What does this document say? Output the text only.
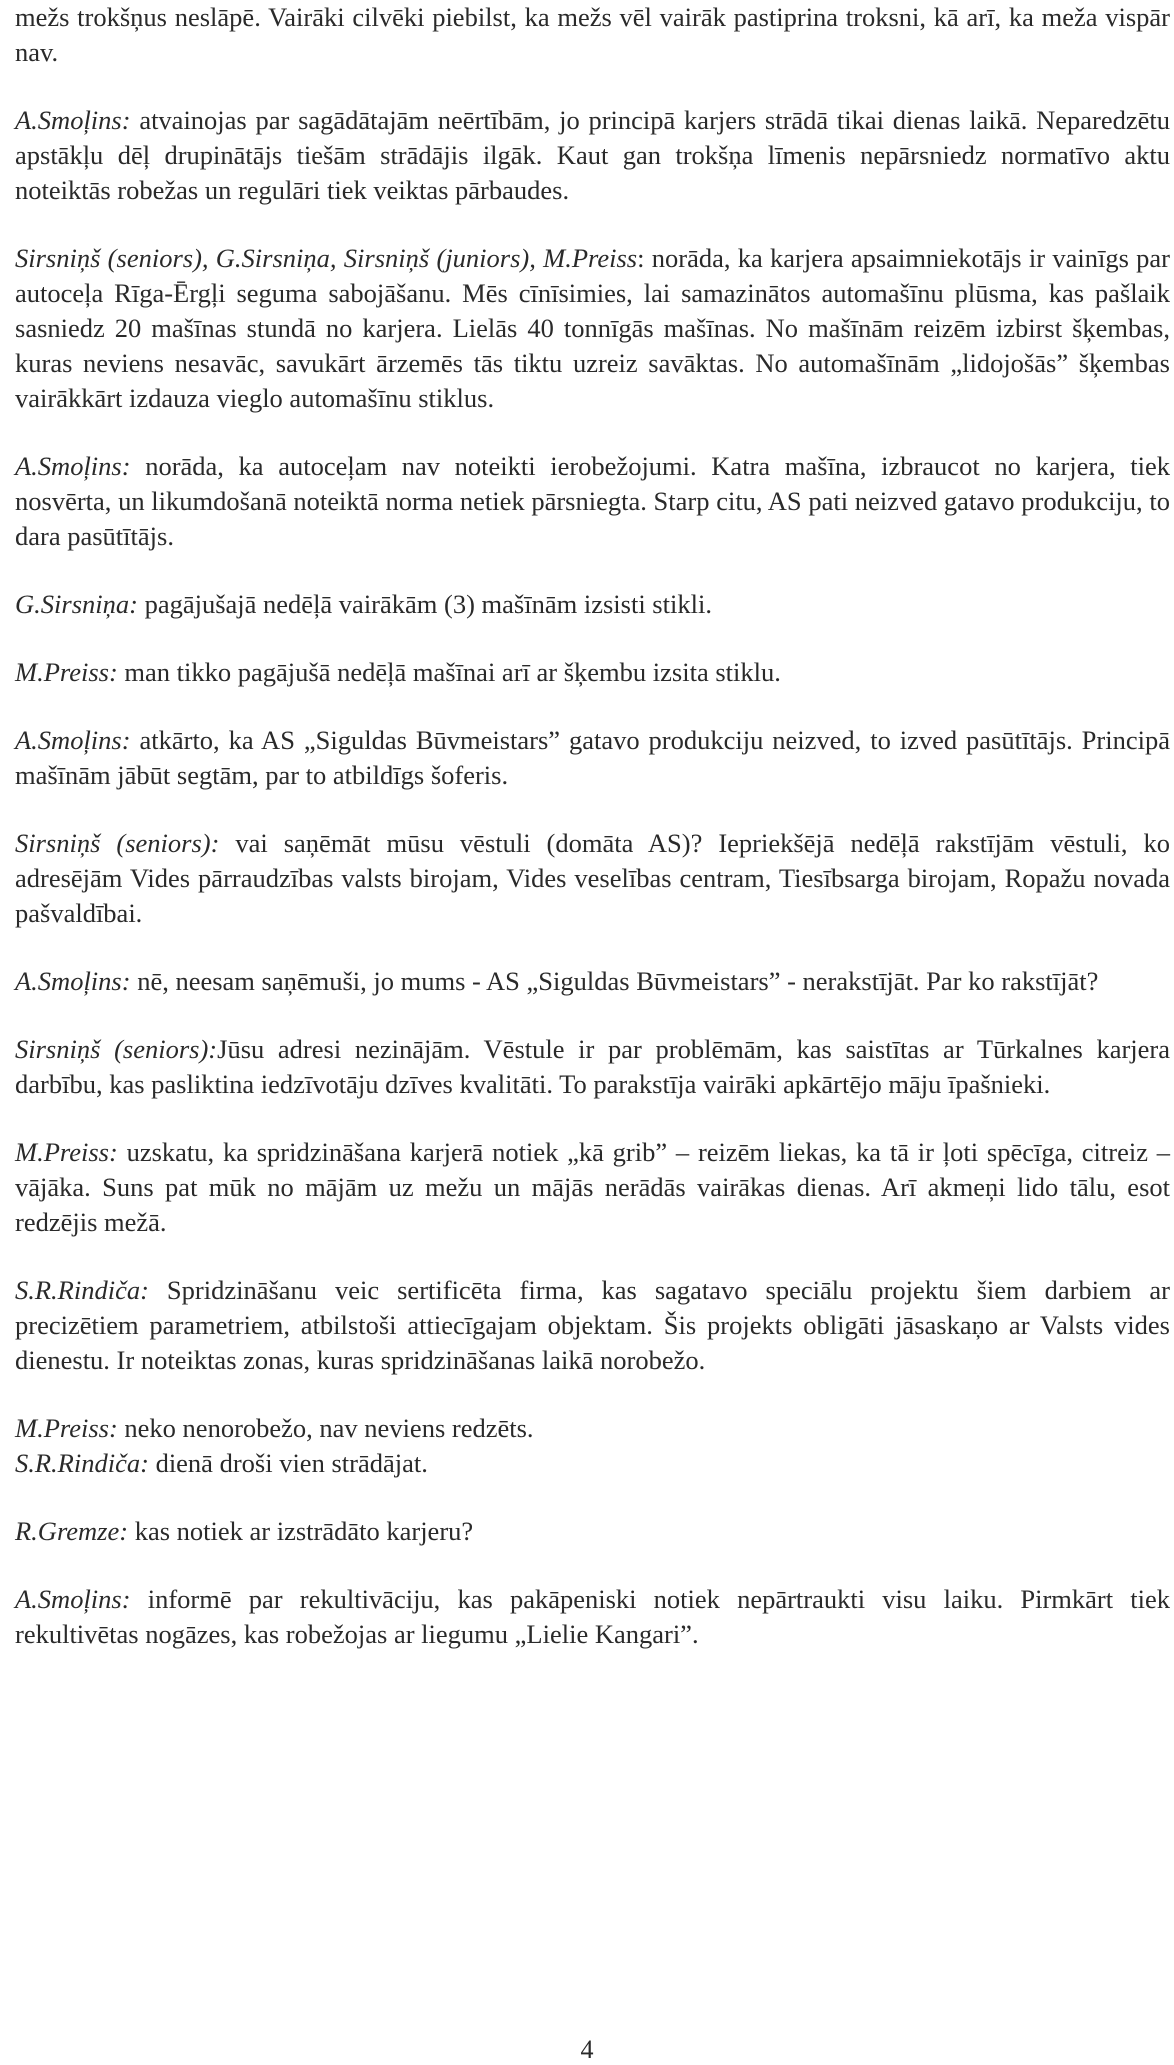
mežs trokšņus neslāpē. Vairāki cilvēki piebilst, ka mežs vēl vairāk pastiprina troksni, kā arī, ka meža vispār nav.

A.Smoļins: atvainojas par sagādātajām neērtībām, jo principā karjers strādā tikai dienas laikā. Neparedzētu apstākļu dēļ drupinātājs tiešām strādājis ilgāk. Kaut gan trokšņa līmenis nepārsniedz normatīvo aktu noteiktās robežas un regulāri tiek veiktas pārbaudes.

Sirsniņš (seniors), G.Sirsniņa, Sirsniņš (juniors), M.Preiss: norāda, ka karjera apsaimniekotājs ir vainīgs par autoceļa Rīga-Ērgļi seguma sabojāšanu. Mēs cīnīsimies, lai samazinātos automašīnu plūsma, kas pašlaik sasniedz 20 mašīnas stundā no karjera. Lielās 40 tonnīgās mašīnas. No mašīnām reizēm izbirst šķembas, kuras neviens nesavāc, savukārt ārzemēs tās tiktu uzreiz savāktas. No automašīnām „lidojošās” šķembas vairākkārt izdauza vieglo automašīnu stiklus.

A.Smoļins: norāda, ka autoceļam nav noteikti ierobežojumi. Katra mašīna, izbraucot no karjera, tiek nosvērta, un likumdošanā noteiktā norma netiek pārsniegta. Starp citu, AS pati neizved gatavo produkciju, to dara pasūtītājs.

G.Sirsniņa: pagājušajā nedēļā vairākām (3) mašīnām izsisti stikli.

M.Preiss: man tikko pagājušā nedēļā mašīnai arī ar šķembu izsita stiklu.

A.Smoļins: atkārto, ka AS „Siguldas Būvmeistars” gatavo produkciju neizved, to izved pasūtītājs. Principā mašīnām jābūt segtām, par to atbildīgs šoferis.

Sirsniņš (seniors): vai saņēmāt mūsu vēstuli (domāta AS)? Iepriekšējā nedēļā rakstījām vēstuli, ko adresējām Vides pārraudzības valsts birojam, Vides veselības centram, Tiesībsarga birojam, Ropažu novada pašvaldībai.

A.Smoļins: nē, neesam saņēmuši, jo mums - AS „Siguldas Būvmeistars” - nerakstījāt. Par ko rakstījāt?

Sirsniņš (seniors):Jūsu adresi nezinājām. Vēstule ir par problēmām, kas saistītas ar Tūrkalnes karjera darbību, kas pasliktina iedzīvotāju dzīves kvalitāti. To parakstīja vairāki apkārtējo māju īpašnieki.

M.Preiss: uzskatu, ka spridzināšana karjerā notiek „kā grib” – reizēm liekas, ka tā ir ļoti spēcīga, citreiz – vājāka. Suns pat mūk no mājām uz mežu un mājās nerādās vairākas dienas. Arī akmeņi lido tālu, esot redzējis mežā.

S.R.Rindiča: Spridzināšanu veic sertificēta firma, kas sagatavo speciālu projektu šiem darbiem ar precizētiem parametriem, atbilstoši attiecīgajam objektam. Šis projekts obligāti jāsaskaņo ar Valsts vides dienestu. Ir noteiktas zonas, kuras spridzināšanas laikā norobežo.

M.Preiss: neko nenorobežo, nav neviens redzēts.

S.R.Rindiča: dienā droši vien strādājat.

R.Gremze: kas notiek ar izstrādāto karjeru?

A.Smoļins: informē par rekultivāciju, kas pakāpeniski notiek nepārtraukti visu laiku. Pirmkārt tiek rekultivētas nogāzes, kas robežojas ar liegumu „Lielie Kangari”.

4
